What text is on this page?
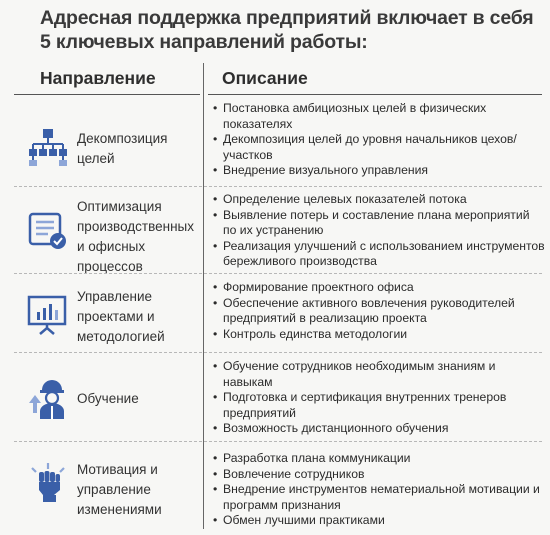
Адресная поддержка предприятий включает в себя 5 ключевых направлений работы:
Направление	Описание
Декомпозиция целей
• Постановка амбициозных целей в физических показателях
• Декомпозиция целей до уровня начальников цехов/участков
• Внедрение визуального управления
Оптимизация производственных и офисных процессов
• Определение целевых показателей потока
• Выявление потерь и составление плана мероприятий по их устранению
• Реализация улучшений с использованием инструментов бережливого производства
Управление проектами и методологией
• Формирование проектного офиса
• Обеспечение активного вовлечения руководителей предприятий в реализацию проекта
• Контроль единства методологии
Обучение
• Обучение сотрудников необходимым знаниям и навыкам
• Подготовка и сертификация внутренних тренеров предприятий
• Возможность дистанционного обучения
Мотивация и управление изменениями
• Разработка плана коммуникации
• Вовлечение сотрудников
• Внедрение инструментов нематериальной мотивации и программ признания
• Обмен лучшими практиками
